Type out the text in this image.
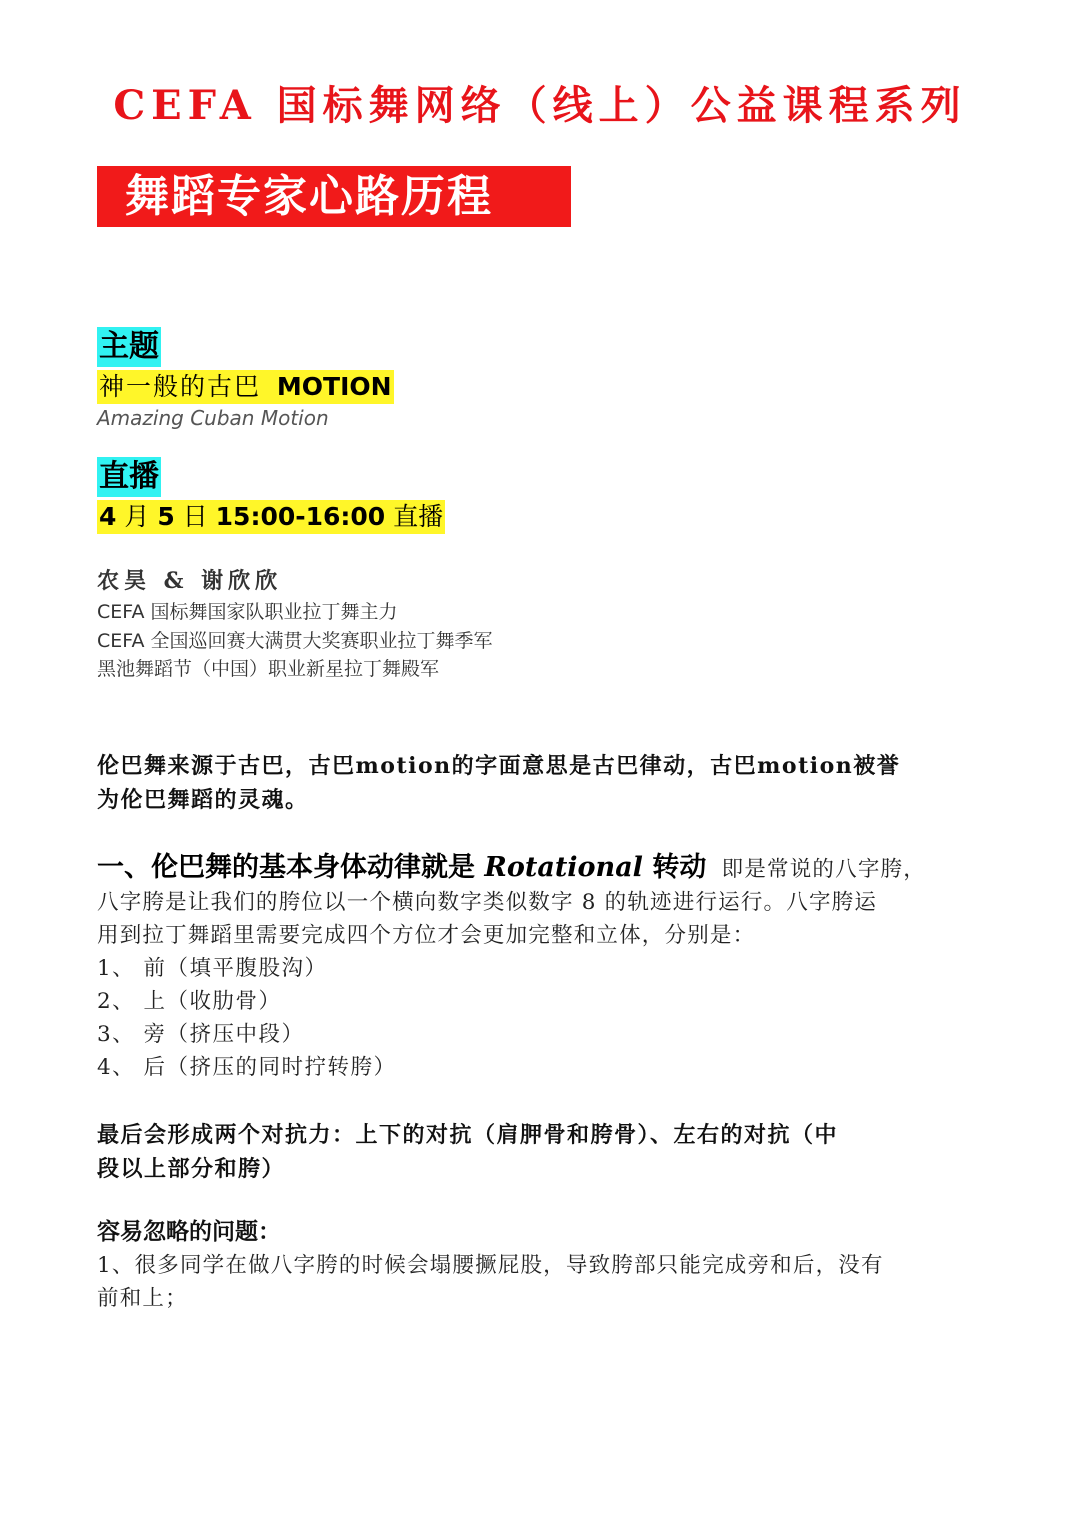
CEFA 国标舞网络（线上）公益课程系列
舞蹈专家心路历程
主题
神一般的古巴 MOTION
Amazing Cuban Motion
直播
4 月 5 日 15:00-16:00 直播
农昊 & 谢欣欣
CEFA 国标舞国家队职业拉丁舞主力
CEFA 全国巡回赛大满贯大奖赛职业拉丁舞季军
黑池舞蹈节（中国）职业新星拉丁舞殿军
伦巴舞来源于古巴，古巴motion的字面意思是古巴律动，古巴motion被誉
为伦巴舞蹈的灵魂。
一、伦巴舞的基本身体动律就是 Rotational 转动 即是常说的八字胯，
八字胯是让我们的胯位以一个横向数字类似数字 8 的轨迹进行运行。八字胯运
用到拉丁舞蹈里需要完成四个方位才会更加完整和立体，分别是：
1、 前（填平腹股沟）
2、 上（收肋骨）
3、 旁（挤压中段）
4、 后（挤压的同时拧转胯）
最后会形成两个对抗力：上下的对抗（肩胛骨和胯骨）、左右的对抗（中
段以上部分和胯）
容易忽略的问题：
1、很多同学在做八字胯的时候会塌腰撅屁股，导致胯部只能完成旁和后，没有
前和上；
